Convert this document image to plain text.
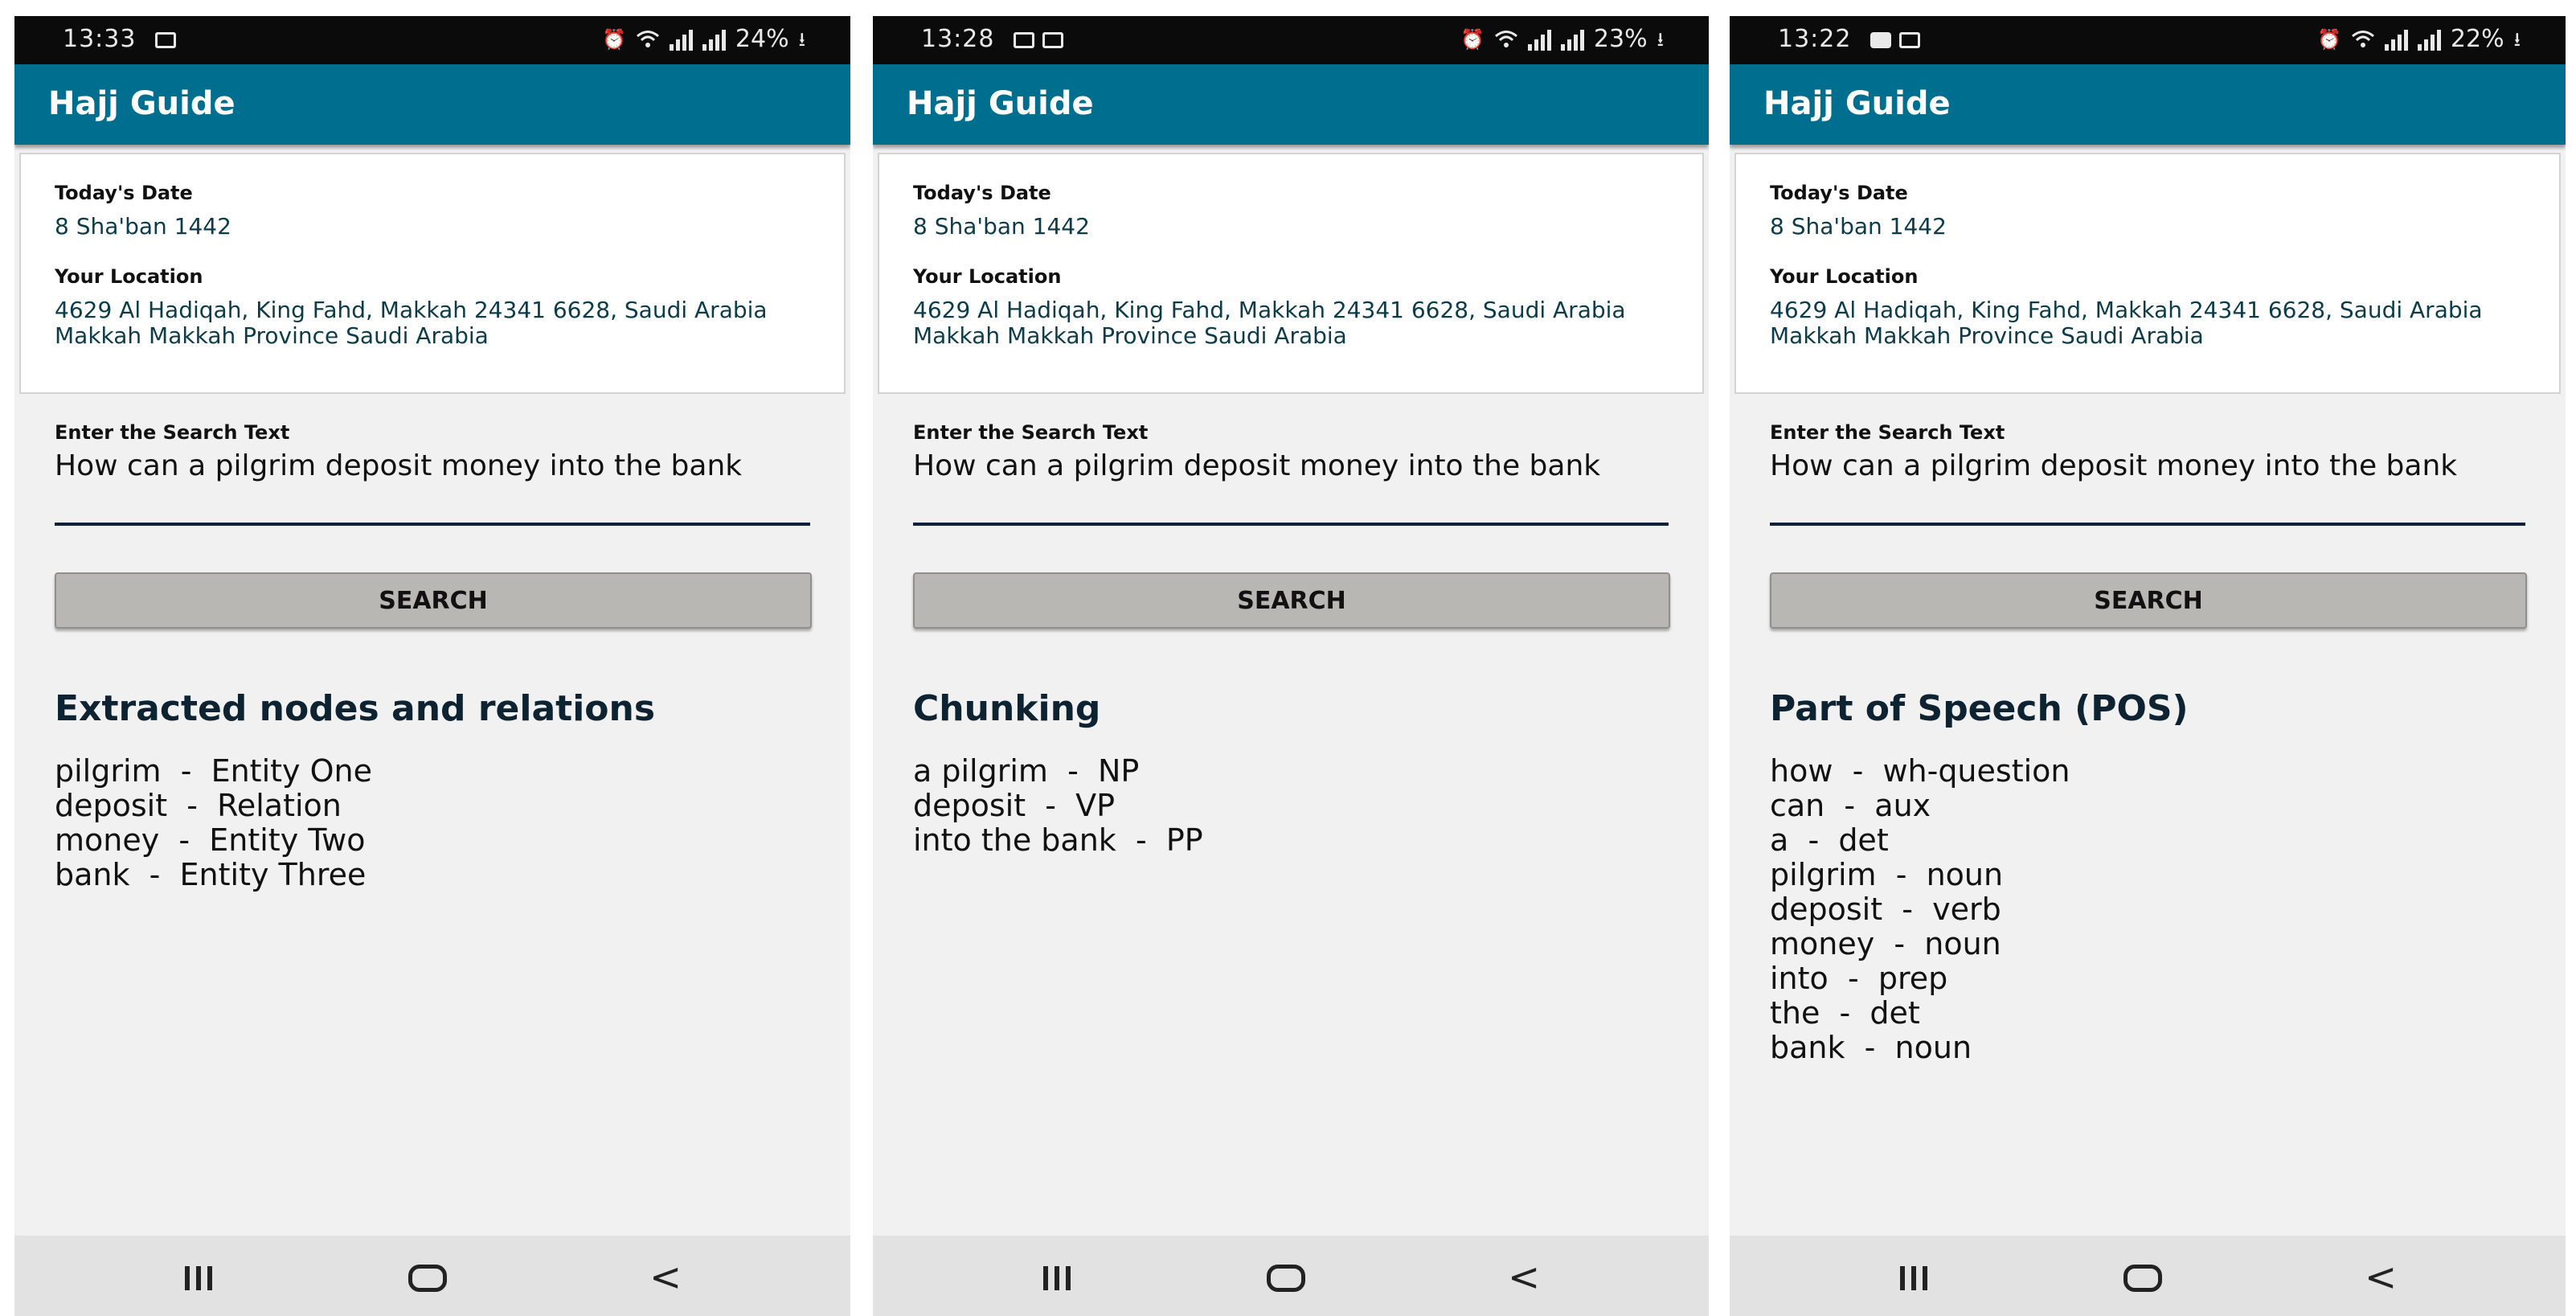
13:33	⏰	24% ⭳
Hajj Guide
Today's Date
8 Sha'ban 1442
Your Location
4629 Al Hadiqah, King Fahd, Makkah 24341 6628, Saudi Arabia Makkah Makkah Province Saudi Arabia
Enter the Search Text
How can a pilgrim deposit money into the bank
SEARCH
Extracted nodes and relations
pilgrim  -  Entity One
deposit  -  Relation
money  -  Entity Two
bank  -  Entity Three
<
13:28	⏰	23% ⭳
Hajj Guide
Today's Date
8 Sha'ban 1442
Your Location
4629 Al Hadiqah, King Fahd, Makkah 24341 6628, Saudi Arabia Makkah Makkah Province Saudi Arabia
Enter the Search Text
How can a pilgrim deposit money into the bank
SEARCH
Chunking
a pilgrim  -  NP
deposit  -  VP
into the bank  -  PP
<
13:22	⏰	22% ⭳
Hajj Guide
Today's Date
8 Sha'ban 1442
Your Location
4629 Al Hadiqah, King Fahd, Makkah 24341 6628, Saudi Arabia Makkah Makkah Province Saudi Arabia
Enter the Search Text
How can a pilgrim deposit money into the bank
SEARCH
Part of Speech (POS)
how  -  wh-question
can  -  aux
a  -  det
pilgrim  -  noun
deposit  -  verb
money  -  noun
into  -  prep
the  -  det
bank  -  noun
<
